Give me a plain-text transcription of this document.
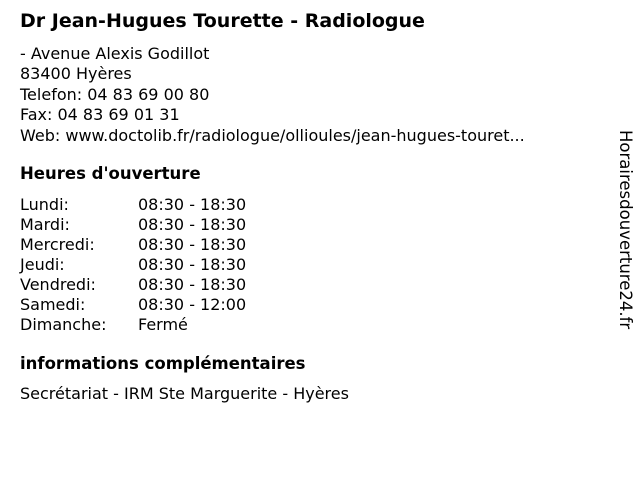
Dr Jean-Hugues Tourette - Radiologue
- Avenue Alexis Godillot
83400 Hyères
Telefon: 04 83 69 00 80
Fax: 04 83 69 01 31
Web: www.doctolib.fr/radiologue/ollioules/jean-hugues-touret...
Heures d'ouverture
Lundi:	08:30 - 18:30
Mardi:	08:30 - 18:30
Mercredi:	08:30 - 18:30
Jeudi:	08:30 - 18:30
Vendredi:	08:30 - 18:30
Samedi:	08:30 - 12:00
Dimanche:	Fermé
informations complémentaires
Secrétariat - IRM Ste Marguerite - Hyères
Horairesdouverture24.fr
